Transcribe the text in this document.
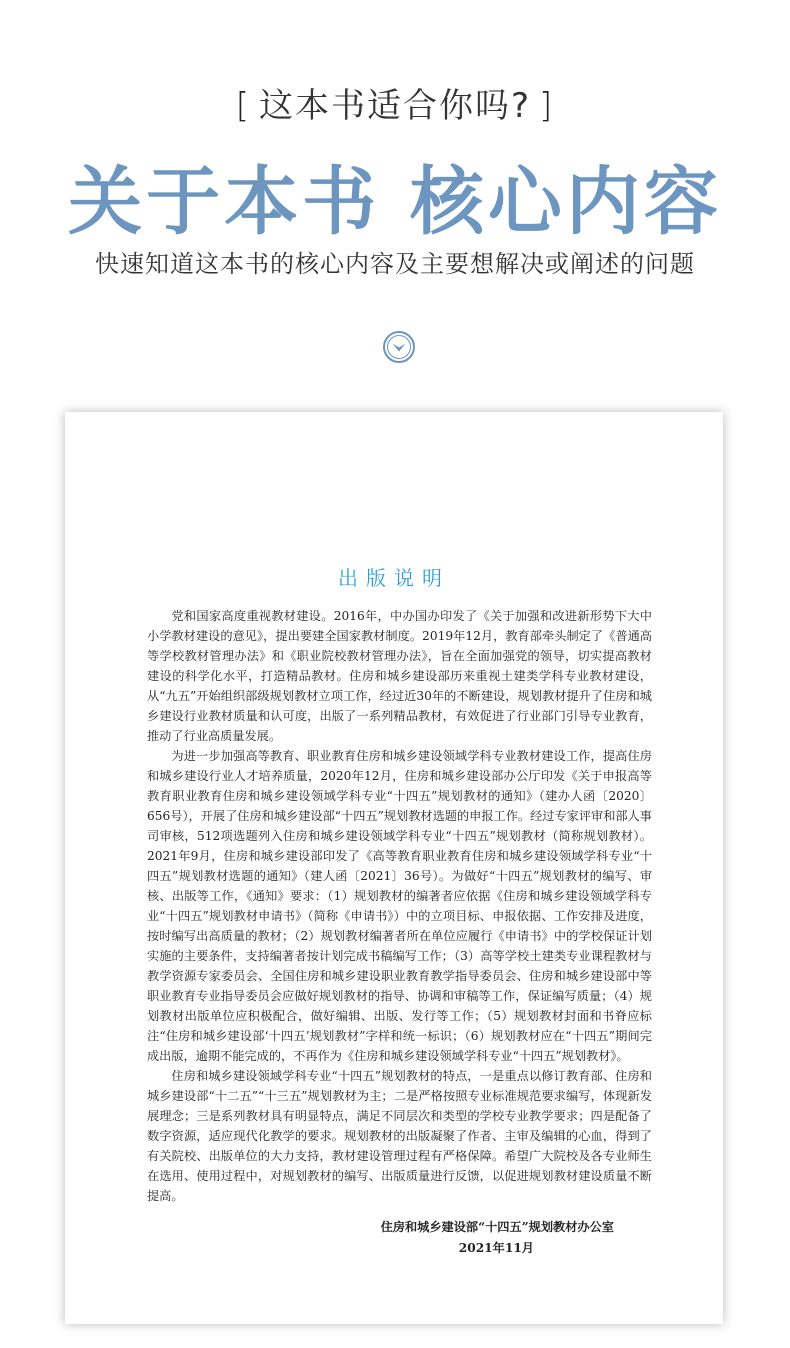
[ 这本书适合你吗? ]
关于本书 核心内容
快速知道这本书的核心内容及主要想解决或阐述的问题
出版说明

党和国家高度重视教材建设。2016年，中办国办印发了《关于加强和改进新形势下大中小学教材建设的意见》，提出要建全国家教材制度。2019年12月，教育部牵头制定了《普通高等学校教材管理办法》和《职业院校教材管理办法》，旨在全面加强党的领导，切实提高教材建设的科学化水平，打造精品教材。住房和城乡建设部历来重视土建类学科专业教材建设，从“九五”开始组织部级规划教材立项工作，经过近30年的不断建设，规划教材提升了住房和城乡建设行业教材质量和认可度，出版了一系列精品教材，有效促进了行业部门引导专业教育，推动了行业高质量发展。

为进一步加强高等教育、职业教育住房和城乡建设领域学科专业教材建设工作，提高住房和城乡建设行业人才培养质量，2020年12月，住房和城乡建设部办公厅印发《关于申报高等教育职业教育住房和城乡建设领域学科专业“十四五”规划教材的通知》（建办人函〔2020〕656号），开展了住房和城乡建设部“十四五”规划教材选题的申报工作。经过专家评审和部人事司审核，512项选题列入住房和城乡建设领域学科专业“十四五”规划教材（简称规划教材）。2021年9月，住房和城乡建设部印发了《高等教育职业教育住房和城乡建设领域学科专业“十四五”规划教材选题的通知》（建人函〔2021〕36号）。为做好“十四五”规划教材的编写、审核、出版等工作，《通知》要求：（1）规划教材的编著者应依据《住房和城乡建设领域学科专业“十四五”规划教材申请书》（简称《申请书》）中的立项目标、申报依据、工作安排及进度，按时编写出高质量的教材；（2）规划教材编著者所在单位应履行《申请书》中的学校保证计划实施的主要条件，支持编著者按计划完成书稿编写工作；（3）高等学校土建类专业课程教材与教学资源专家委员会、全国住房和城乡建设职业教育教学指导委员会、住房和城乡建设部中等职业教育专业指导委员会应做好规划教材的指导、协调和审稿等工作，保证编写质量；（4）规划教材出版单位应积极配合，做好编辑、出版、发行等工作；（5）规划教材封面和书脊应标注“住房和城乡建设部‘十四五’规划教材”字样和统一标识；（6）规划教材应在“十四五”期间完成出版，逾期不能完成的，不再作为《住房和城乡建设领域学科专业“十四五”规划教材》。

住房和城乡建设领域学科专业“十四五”规划教材的特点，一是重点以修订教育部、住房和城乡建设部“十二五”“十三五”规划教材为主；二是严格按照专业标准规范要求编写，体现新发展理念；三是系列教材具有明显特点，满足不同层次和类型的学校专业教学要求；四是配备了数字资源，适应现代化教学的要求。规划教材的出版凝聚了作者、主审及编辑的心血，得到了有关院校、出版单位的大力支持，教材建设管理过程有严格保障。希望广大院校及各专业师生在选用、使用过程中，对规划教材的编写、出版质量进行反馈，以促进规划教材建设质量不断提高。

住房和城乡建设部“十四五”规划教材办公室
2021年11月
